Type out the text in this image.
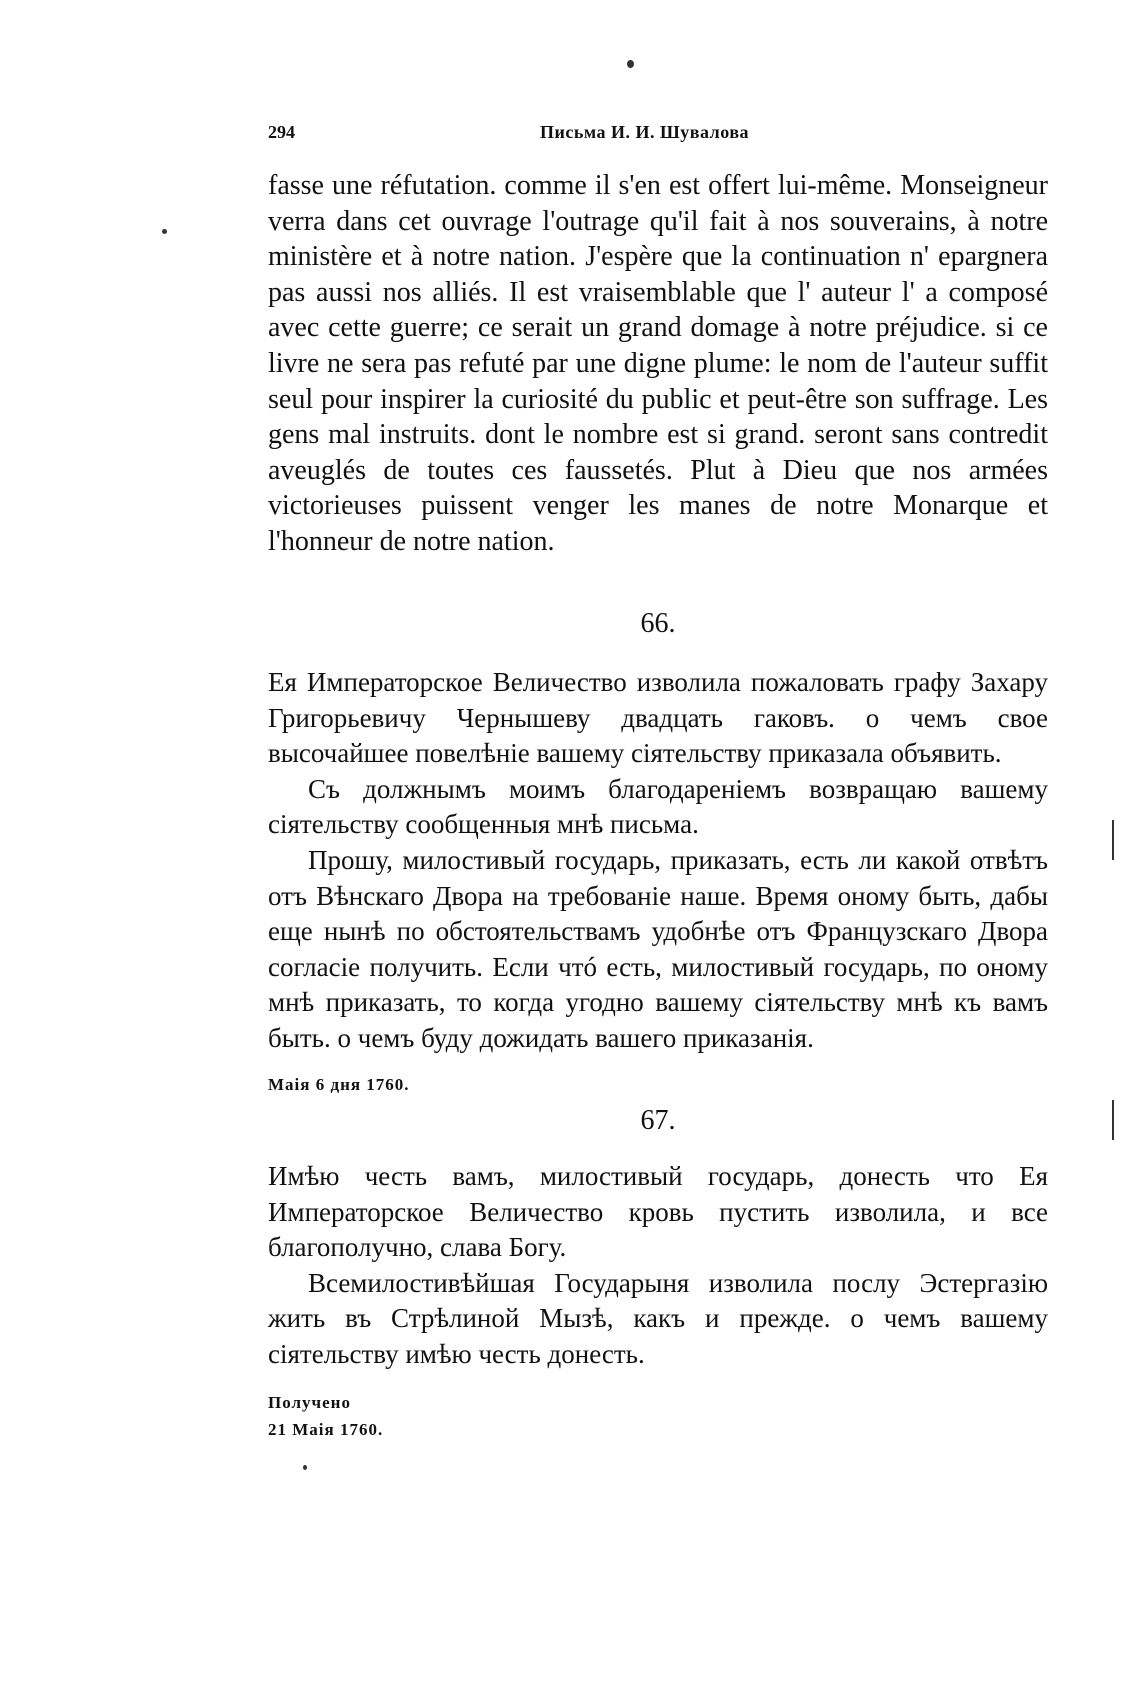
294	Письма И. И. Шувалова

fasse une réfutation. comme il s'en est offert lui-même. Monseigneur verra dans cet ouvrage l'outrage qu'il fait à nos souverains, à notre ministère et à notre nation. J'espère que la continuation n' epargnera pas aussi nos alliés. Il est vraisemblable que l' auteur l' a composé avec cette guerre; ce serait un grand domage à notre préjudice. si ce livre ne sera pas refuté par une digne plume: le nom de l'auteur suffit seul pour inspirer la curiosité du public et peut-être son suffrage. Les gens mal instruits. dont le nombre est si grand. seront sans contredit aveuglés de toutes ces faussetés. Plut à Dieu que nos armées victorieuses puissent venger les manes de notre Monarque et l'honneur de notre nation.

66.

Ея Императорское Величество изволила пожаловать графу Захару Григорьевичу Чернышеву двадцать гаковъ. о чемъ свое высочайшее повелѣніе вашему сіятельству приказала объявить.

Съ должнымъ моимъ благодареніемъ возвращаю вашему сіятельству сообщенныя мнѣ письма.

Прошу, милостивый государь, приказать, есть ли какой отвѣтъ отъ Вѣнскаго Двора на требованіе наше. Время оному быть, дабы еще нынѣ по обстоятельствамъ удобнѣе отъ Французскаго Двора согласіе получить. Если чтó есть, милостивый государь, по оному мнѣ приказать, то когда угодно вашему сіятельству мнѣ къ вамъ быть. о чемъ буду дожидать вашего приказанія.

Маія 6 дня 1760.
67.

Имѣю честь вамъ, милостивый государь, донесть что Ея Императорское Величество кровь пустить изволила, и все благополучно, слава Богу.

Всемилостивѣйшая Государыня изволила послу Эстергазію жить въ Стрѣлиной Мызѣ, какъ и прежде. о чемъ вашему сіятельству имѣю честь донесть.

Получено
21 Маія 1760.
